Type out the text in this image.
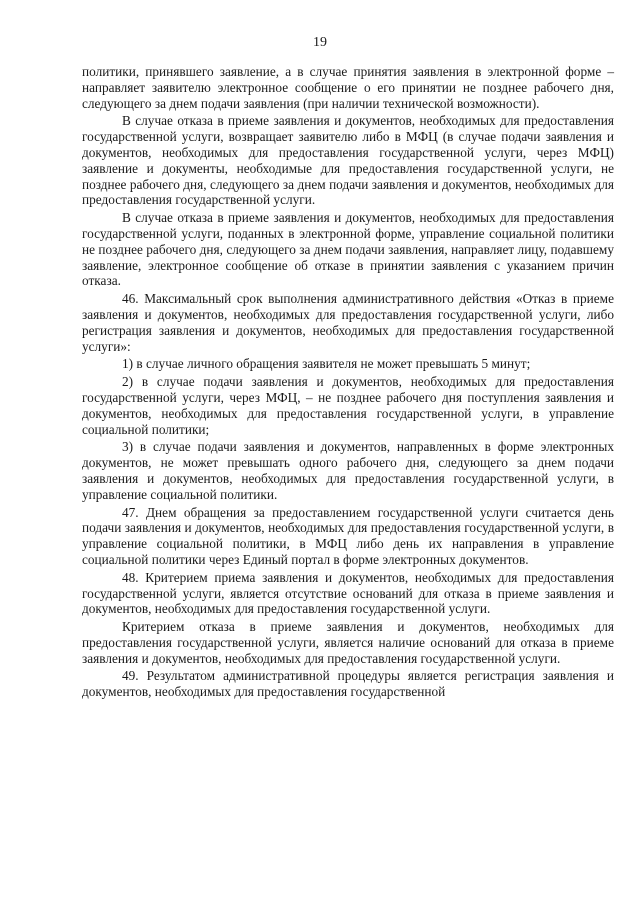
19

политики, принявшего заявление, а в случае принятия заявления в электронной форме – направляет заявителю электронное сообщение о его принятии не позднее рабочего дня, следующего за днем подачи заявления (при наличии технической возможности).

В случае отказа в приеме заявления и документов, необходимых для предоставления государственной услуги, возвращает заявителю либо в МФЦ (в случае подачи заявления и документов, необходимых для предоставления государственной услуги, через МФЦ) заявление и документы, необходимые для предоставления государственной услуги, не позднее рабочего дня, следующего за днем подачи заявления и документов, необходимых для предоставления государственной услуги.

В случае отказа в приеме заявления и документов, необходимых для предоставления государственной услуги, поданных в электронной форме, управление социальной политики не позднее рабочего дня, следующего за днем подачи заявления, направляет лицу, подавшему заявление, электронное сообщение об отказе в принятии заявления с указанием причин отказа.

46. Максимальный срок выполнения административного действия «Отказ в приеме заявления и документов, необходимых для предоставления государственной услуги, либо регистрация заявления и документов, необходимых для предоставления государственной услуги»:

1) в случае личного обращения заявителя не может превышать 5 минут;

2) в случае подачи заявления и документов, необходимых для предоставления государственной услуги, через МФЦ, – не позднее рабочего дня поступления заявления и документов, необходимых для предоставления государственной услуги, в управление социальной политики;

3) в случае подачи заявления и документов, направленных в форме электронных документов, не может превышать одного рабочего дня, следующего за днем подачи заявления и документов, необходимых для предоставления государственной услуги, в управление социальной политики.

47. Днем обращения за предоставлением государственной услуги считается день подачи заявления и документов, необходимых для предоставления государственной услуги, в управление социальной политики, в МФЦ либо день их направления в управление социальной политики через Единый портал в форме электронных документов.

48. Критерием приема заявления и документов, необходимых для предоставления государственной услуги, является отсутствие оснований для отказа в приеме заявления и документов, необходимых для предоставления государственной услуги.

Критерием отказа в приеме заявления и документов, необходимых для предоставления государственной услуги, является наличие оснований для отказа в приеме заявления и документов, необходимых для предоставления государственной услуги.

49. Результатом административной процедуры является регистрация заявления и документов, необходимых для предоставления государственной
